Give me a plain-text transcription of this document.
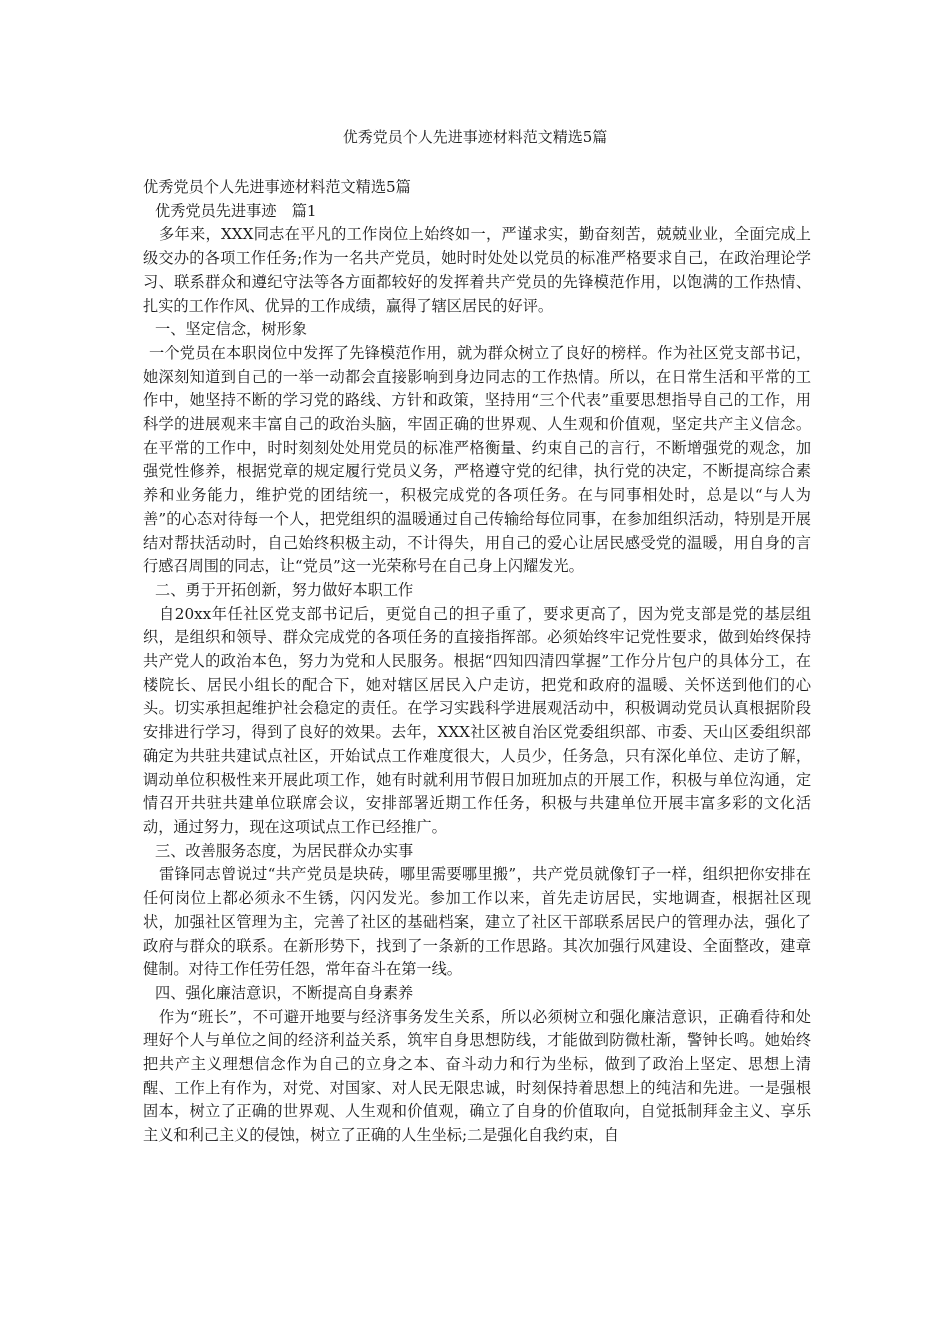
优秀党员个人先进事迹材料范文精选5篇

优秀党员个人先进事迹材料范文精选5篇

优秀党员先进事迹　篇1

多年来，XXX同志在平凡的工作岗位上始终如一，严谨求实，勤奋刻苦，兢兢业业，全面完成上级交办的各项工作任务;作为一名共产党员，她时时处处以党员的标准严格要求自己，在政治理论学习、联系群众和遵纪守法等各方面都较好的发挥着共产党员的先锋模范作用，以饱满的工作热情、扎实的工作作风、优异的工作成绩，赢得了辖区居民的好评。

一、坚定信念，树形象

一个党员在本职岗位中发挥了先锋模范作用，就为群众树立了良好的榜样。作为社区党支部书记，她深刻知道到自己的一举一动都会直接影响到身边同志的工作热情。所以，在日常生活和平常的工作中，她坚持不断的学习党的路线、方针和政策，坚持用“三个代表”重要思想指导自己的工作，用科学的进展观来丰富自己的政治头脑，牢固正确的世界观、人生观和价值观，坚定共产主义信念。在平常的工作中，时时刻刻处处用党员的标准严格衡量、约束自己的言行，不断增强党的观念，加强党性修养，根据党章的规定履行党员义务，严格遵守党的纪律，执行党的决定，不断提高综合素养和业务能力，维护党的团结统一，积极完成党的各项任务。在与同事相处时，总是以“与人为善”的心态对待每一个人，把党组织的温暖通过自己传输给每位同事，在参加组织活动，特别是开展结对帮扶活动时，自己始终积极主动，不计得失，用自己的爱心让居民感受党的温暖，用自身的言行感召周围的同志，让“党员”这一光荣称号在自己身上闪耀发光。

二、勇于开拓创新，努力做好本职工作

自20xx年任社区党支部书记后，更觉自己的担子重了，要求更高了，因为党支部是党的基层组织，是组织和领导、群众完成党的各项任务的直接指挥部。必须始终牢记党性要求，做到始终保持共产党人的政治本色，努力为党和人民服务。根据“四知四清四掌握”工作分片包户的具体分工，在楼院长、居民小组长的配合下，她对辖区居民入户走访，把党和政府的温暖、关怀送到他们的心头。切实承担起维护社会稳定的责任。在学习实践科学进展观活动中，积极调动党员认真根据阶段安排进行学习，得到了良好的效果。去年，XXX社区被自治区党委组织部、市委、天山区委组织部确定为共驻共建试点社区，开始试点工作难度很大，人员少，任务急，只有深化单位、走访了解，调动单位积极性来开展此项工作，她有时就利用节假日加班加点的开展工作，积极与单位沟通，定情召开共驻共建单位联席会议，安排部署近期工作任务，积极与共建单位开展丰富多彩的文化活动，通过努力，现在这项试点工作已经推广。

三、改善服务态度，为居民群众办实事

雷锋同志曾说过“共产党员是块砖，哪里需要哪里搬”，共产党员就像钉子一样，组织把你安排在任何岗位上都必须永不生锈，闪闪发光。参加工作以来，首先走访居民，实地调查，根据社区现状，加强社区管理为主，完善了社区的基础档案，建立了社区干部联系居民户的管理办法，强化了政府与群众的联系。在新形势下，找到了一条新的工作思路。其次加强行风建设、全面整改，建章健制。对待工作任劳任怨，常年奋斗在第一线。

四、强化廉洁意识，不断提高自身素养

作为“班长”，不可避开地要与经济事务发生关系，所以必须树立和强化廉洁意识，正确看待和处理好个人与单位之间的经济利益关系，筑牢自身思想防线，才能做到防微杜渐，警钟长鸣。她始终把共产主义理想信念作为自己的立身之本、奋斗动力和行为坐标，做到了政治上坚定、思想上清醒、工作上有作为，对党、对国家、对人民无限忠诚，时刻保持着思想上的纯洁和先进。一是强根固本，树立了正确的世界观、人生观和价值观，确立了自身的价值取向，自觉抵制拜金主义、享乐主义和利己主义的侵蚀，树立了正确的人生坐标;二是强化自我约束，自
